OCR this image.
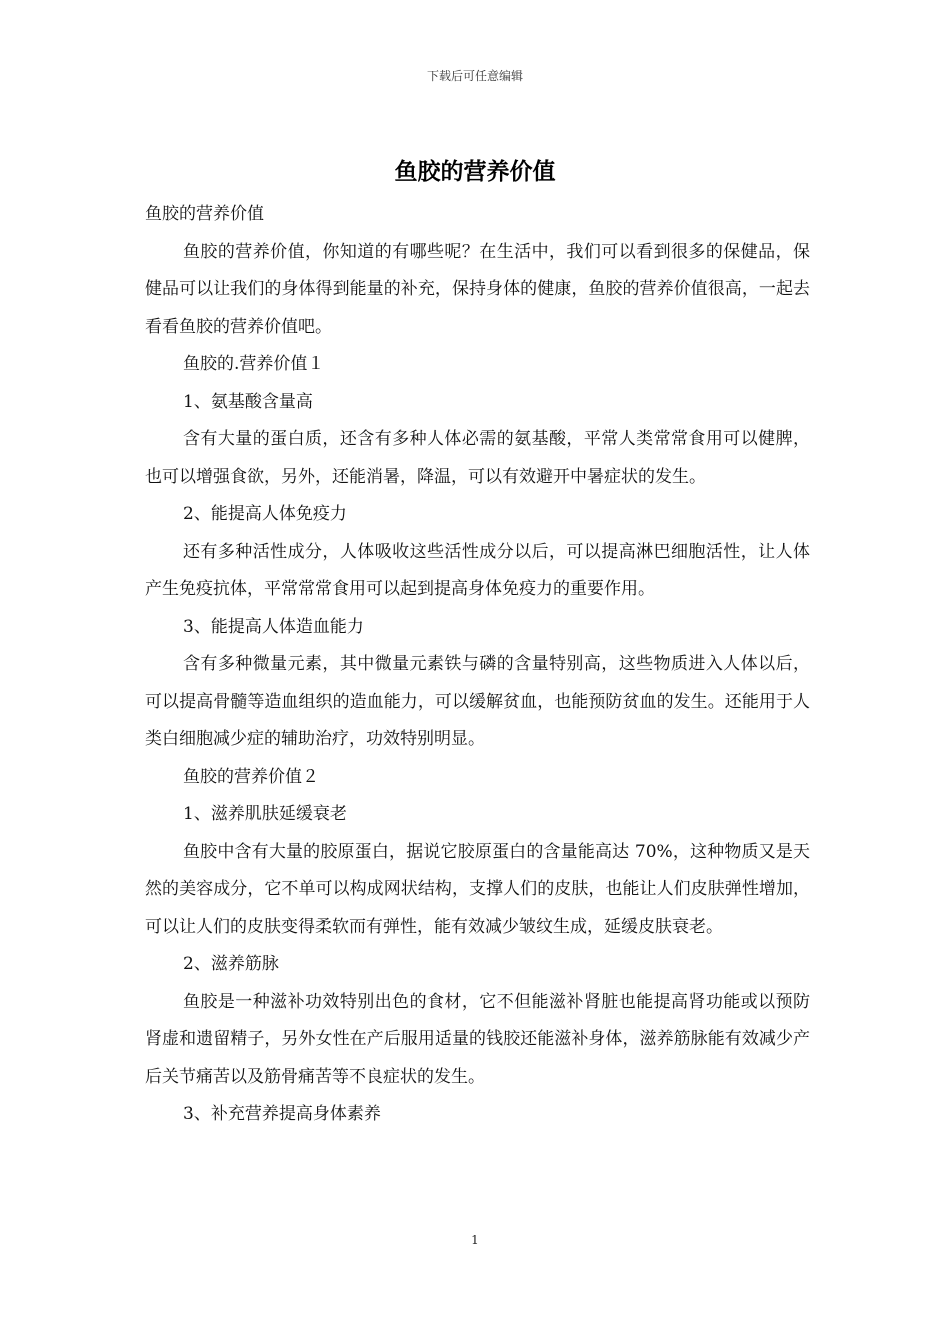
下载后可任意编辑
鱼胶的营养价值

鱼胶的营养价值

鱼胶的营养价值，你知道的有哪些呢？在生活中，我们可以看到很多的保健品，保健品可以让我们的身体得到能量的补充，保持身体的健康，鱼胶的营养价值很高，一起去看看鱼胶的营养价值吧。

鱼胶的.营养价值１

1、氨基酸含量高

含有大量的蛋白质，还含有多种人体必需的氨基酸，平常人类常常食用可以健脾，也可以增强食欲，另外，还能消暑，降温，可以有效避开中暑症状的发生。

2、能提高人体免疫力

还有多种活性成分，人体吸收这些活性成分以后，可以提高淋巴细胞活性，让人体产生免疫抗体，平常常常食用可以起到提高身体免疫力的重要作用。

3、能提高人体造血能力

含有多种微量元素，其中微量元素铁与磷的含量特别高，这些物质进入人体以后，可以提高骨髓等造血组织的造血能力，可以缓解贫血，也能预防贫血的发生。还能用于人类白细胞减少症的辅助治疗，功效特别明显。

鱼胶的营养价值２

1、滋养肌肤延缓衰老

鱼胶中含有大量的胶原蛋白，据说它胶原蛋白的含量能高达 70%，这种物质又是天然的美容成分，它不单可以构成网状结构，支撑人们的皮肤，也能让人们皮肤弹性增加，可以让人们的皮肤变得柔软而有弹性，能有效减少皱纹生成，延缓皮肤衰老。

2、滋养筋脉

鱼胶是一种滋补功效特别出色的食材，它不但能滋补肾脏也能提高肾功能或以预防肾虚和遗留精子，另外女性在产后服用适量的钱胶还能滋补身体，滋养筋脉能有效减少产后关节痛苦以及筋骨痛苦等不良症状的发生。

3、补充营养提高身体素养

1
